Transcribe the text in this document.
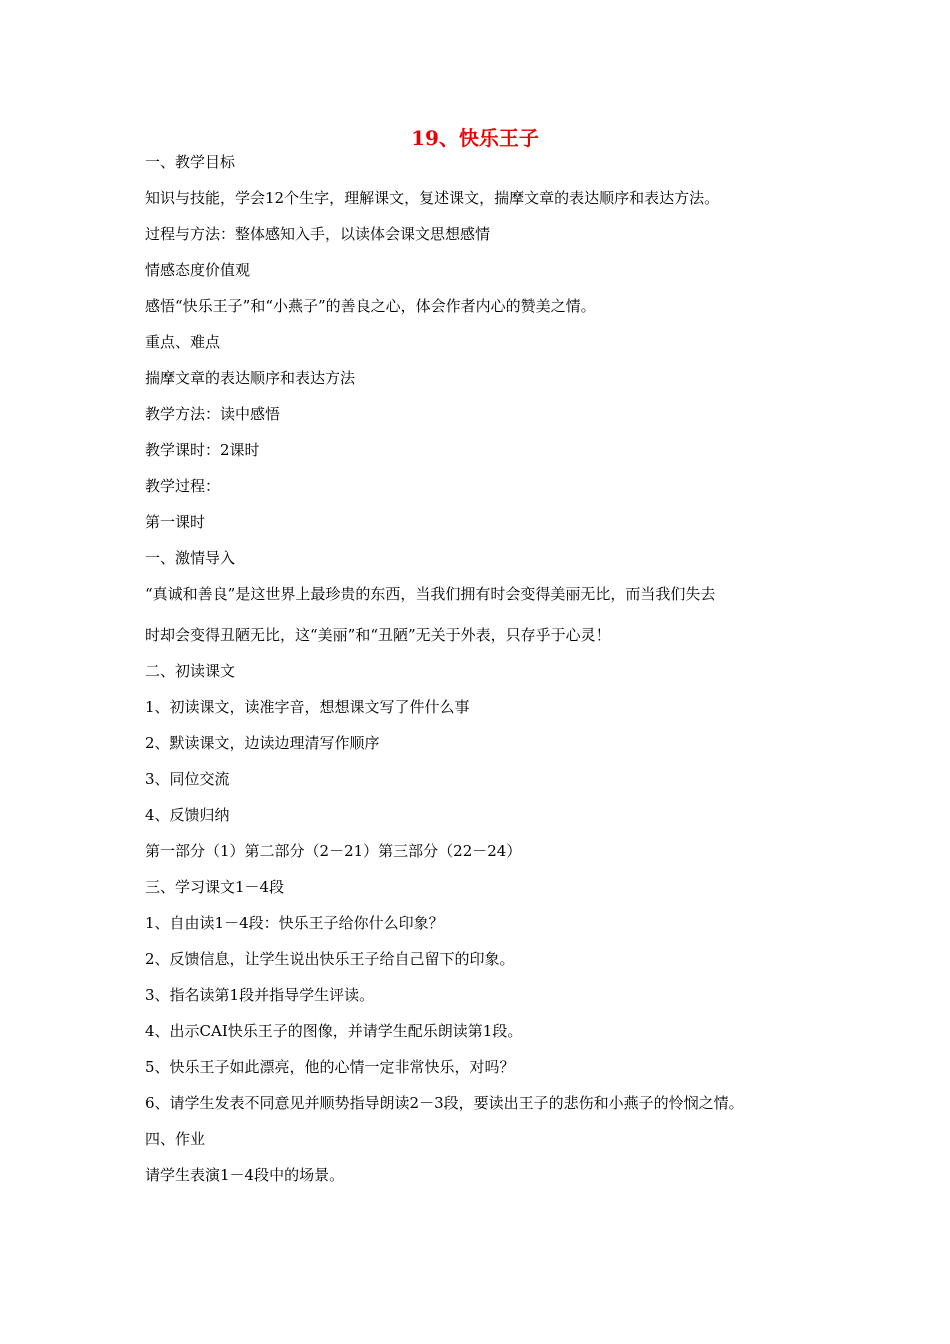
19、快乐王子
一、教学目标
知识与技能，学会12个生字，理解课文，复述课文，揣摩文章的表达顺序和表达方法。
过程与方法：整体感知入手，以读体会课文思想感情
情感态度价值观
感悟“快乐王子”和“小燕子”的善良之心，体会作者内心的赞美之情。
重点、难点
揣摩文章的表达顺序和表达方法
教学方法：读中感悟
教学课时：2课时
教学过程：
第一课时
一、激情导入
“真诚和善良”是这世界上最珍贵的东西，当我们拥有时会变得美丽无比，而当我们失去
时却会变得丑陋无比，这“美丽”和“丑陋”无关于外表，只存乎于心灵！
二、初读课文
1、初读课文，读准字音，想想课文写了件什么事
2、默读课文，边读边理清写作顺序
3、同位交流
4、反馈归纳
第一部分（1）第二部分（2－21）第三部分（22－24）
三、学习课文1－4段
1、自由读1－4段：快乐王子给你什么印象？
2、反馈信息，让学生说出快乐王子给自己留下的印象。
3、指名读第1段并指导学生评读。
4、出示CAI快乐王子的图像，并请学生配乐朗读第1段。
5、快乐王子如此漂亮，他的心情一定非常快乐，对吗？
6、请学生发表不同意见并顺势指导朗读2－3段，要读出王子的悲伤和小燕子的怜悯之情。
四、作业
请学生表演1－4段中的场景。
